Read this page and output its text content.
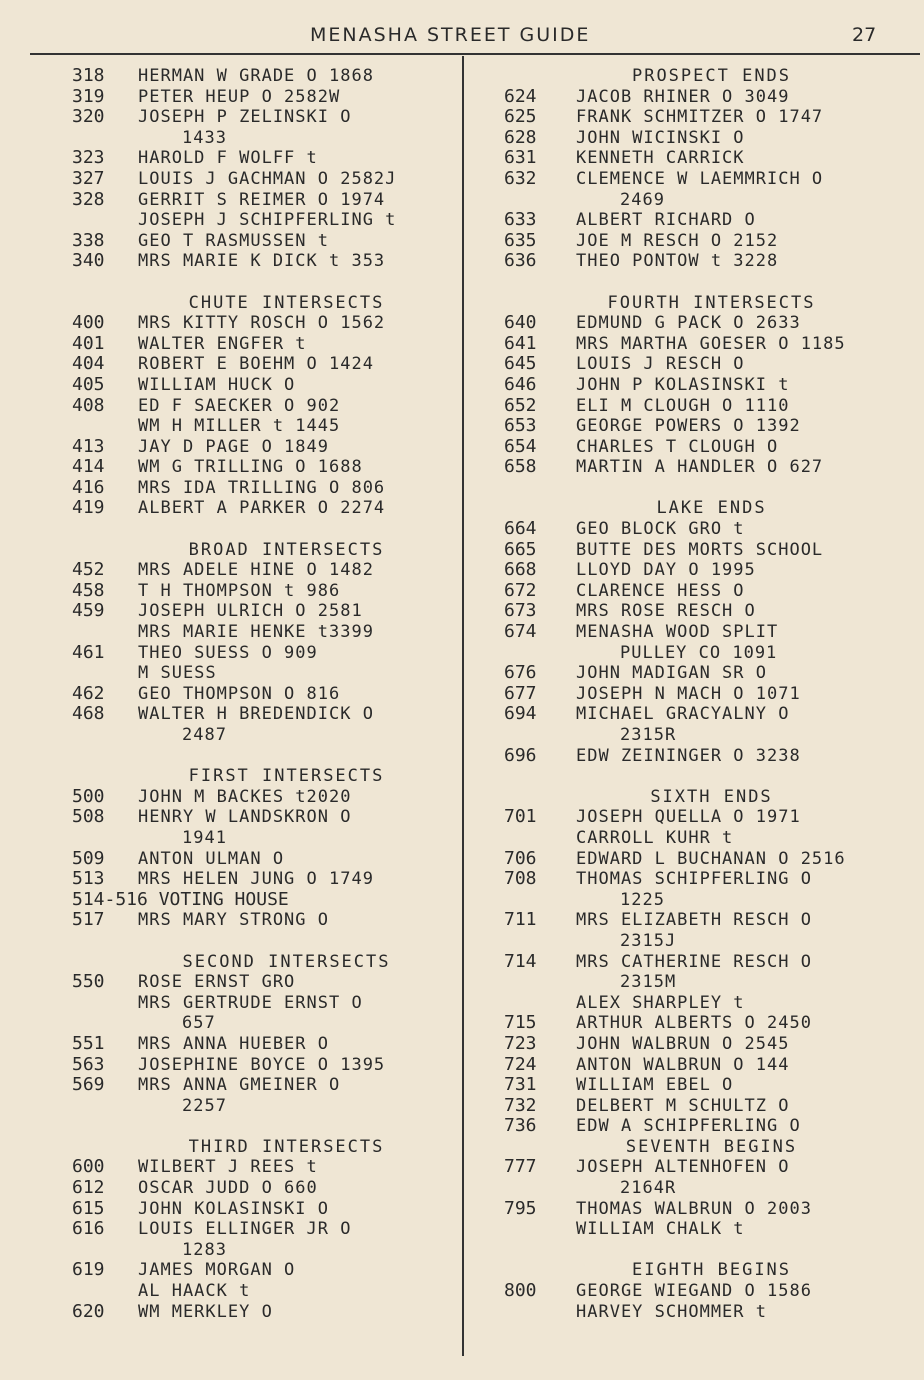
MENASHA STREET GUIDE	27
318	HERMAN W GRADE O 1868
319	PETER HEUP O 2582W
320	JOSEPH P ZELINSKI O
1433
323	HAROLD F WOLFF t
327	LOUIS J GACHMAN O 2582J
328	GERRIT S REIMER O 1974
JOSEPH J SCHIPFERLING t
338	GEO T RASMUSSEN t
340	MRS MARIE K DICK t 353
CHUTE INTERSECTS
400	MRS KITTY ROSCH O 1562
401	WALTER ENGFER t
404	ROBERT E BOEHM O 1424
405	WILLIAM HUCK O
408	ED F SAECKER O 902
WM H MILLER t 1445
413	JAY D PAGE O 1849
414	WM G TRILLING O 1688
416	MRS IDA TRILLING O 806
419	ALBERT A PARKER O 2274
BROAD INTERSECTS
452	MRS ADELE HINE O 1482
458	T H THOMPSON t 986
459	JOSEPH ULRICH O 2581
MRS MARIE HENKE t3399
461	THEO SUESS O 909
M SUESS
462	GEO THOMPSON O 816
468	WALTER H BREDENDICK O
2487
FIRST INTERSECTS
500	JOHN M BACKES t2020
508	HENRY W LANDSKRON O
1941
509	ANTON ULMAN O
513	MRS HELEN JUNG O 1749
514-516 VOTING HOUSE
517	MRS MARY STRONG O
SECOND INTERSECTS
550	ROSE ERNST GRO
MRS GERTRUDE ERNST O
657
551	MRS ANNA HUEBER O
563	JOSEPHINE BOYCE O 1395
569	MRS ANNA GMEINER O
2257
THIRD INTERSECTS
600	WILBERT J REES t
612	OSCAR JUDD O 660
615	JOHN KOLASINSKI O
616	LOUIS ELLINGER JR O
1283
619	JAMES MORGAN O
AL HAACK t
620	WM MERKLEY O
PROSPECT ENDS
624	JACOB RHINER O 3049
625	FRANK SCHMITZER O 1747
628	JOHN WICINSKI O
631	KENNETH CARRICK
632	CLEMENCE W LAEMMRICH O
2469
633	ALBERT RICHARD O
635	JOE M RESCH O 2152
636	THEO PONTOW t 3228
FOURTH INTERSECTS
640	EDMUND G PACK O 2633
641	MRS MARTHA GOESER O 1185
645	LOUIS J RESCH O
646	JOHN P KOLASINSKI t
652	ELI M CLOUGH O 1110
653	GEORGE POWERS O 1392
654	CHARLES T CLOUGH O
658	MARTIN A HANDLER O 627
LAKE ENDS
664	GEO BLOCK GRO t
665	BUTTE DES MORTS SCHOOL
668	LLOYD DAY O 1995
672	CLARENCE HESS O
673	MRS ROSE RESCH O
674	MENASHA WOOD SPLIT
PULLEY CO 1091
676	JOHN MADIGAN SR O
677	JOSEPH N MACH O 1071
694	MICHAEL GRACYALNY O
2315R
696	EDW ZEININGER O 3238
SIXTH ENDS
701	JOSEPH QUELLA O 1971
CARROLL KUHR t
706	EDWARD L BUCHANAN O 2516
708	THOMAS SCHIPFERLING O
1225
711	MRS ELIZABETH RESCH O
2315J
714	MRS CATHERINE RESCH O
2315M
ALEX SHARPLEY t
715	ARTHUR ALBERTS O 2450
723	JOHN WALBRUN O 2545
724	ANTON WALBRUN O 144
731	WILLIAM EBEL O
732	DELBERT M SCHULTZ O
736	EDW A SCHIPFERLING O
SEVENTH BEGINS
777	JOSEPH ALTENHOFEN O
2164R
795	THOMAS WALBRUN O 2003
WILLIAM CHALK t
EIGHTH BEGINS
800	GEORGE WIEGAND O 1586
HARVEY SCHOMMER t
